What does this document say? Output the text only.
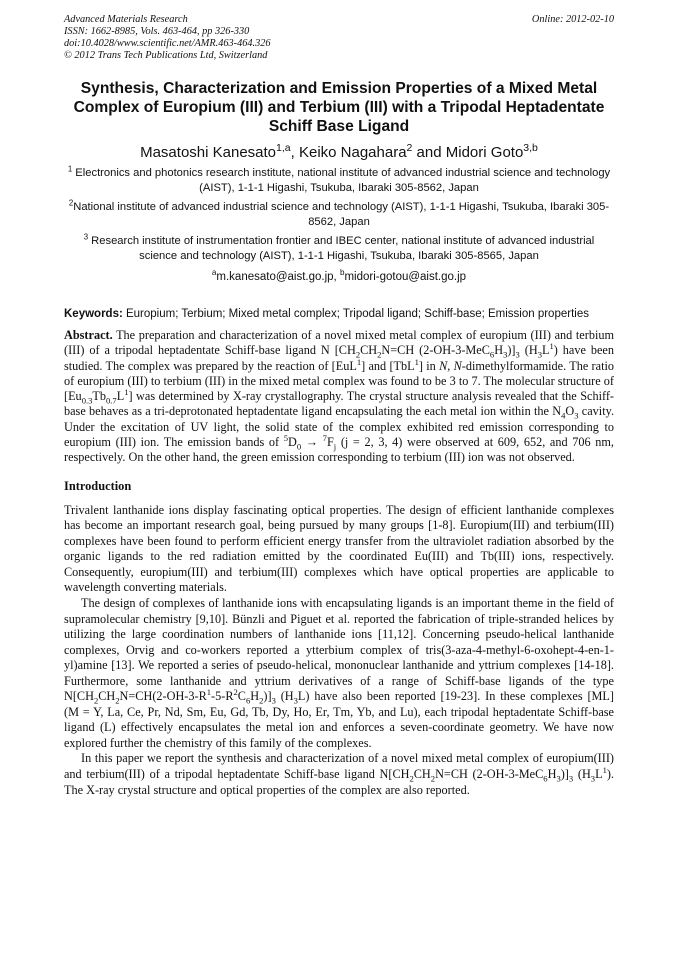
Advanced Materials Research
ISSN: 1662-8985, Vols. 463-464, pp 326-330
doi:10.4028/www.scientific.net/AMR.463-464.326
© 2012 Trans Tech Publications Ltd, Switzerland
Online: 2012-02-10
Synthesis, Characterization and Emission Properties of a Mixed Metal
Complex of Europium (III) and Terbium (III) with a Tripodal Heptadentate
Schiff Base Ligand
Masatoshi Kanesato$^{1,a}$, Keiko Nagahara$^2$ and Midori Goto$^{3,b}$
$^1$ Electronics and photonics research institute, national institute of advanced industrial science and technology (AIST), 1-1-1 Higashi, Tsukuba, Ibaraki 305-8562, Japan
$^2$National institute of advanced industrial science and technology (AIST), 1-1-1 Higashi, Tsukuba, Ibaraki 305-8562, Japan
$^3$ Research institute of instrumentation frontier and IBEC center, national institute of advanced industrial science and technology (AIST), 1-1-1 Higashi, Tsukuba, Ibaraki 305-8565, Japan
$^a$m.kanesato@aist.go.jp, $^b$midori-gotou@aist.go.jp
Keywords: Europium; Terbium; Mixed metal complex; Tripodal ligand; Schiff-base; Emission properties
Abstract. The preparation and characterization of a novel mixed metal complex of europium (III) and terbium (III) of a tripodal heptadentate Schiff-base ligand N [$CH_2CH_2N=CH$ $(2-OH-3-MeC_6H_3)]_3$ $(H_3L^1)$ have been studied. The complex was prepared by the reaction of [EuL$^1$] and [TbL$^1$] in N, N-dimethylformamide. The ratio of europium (III) to terbium (III) in the mixed metal complex was found to be 3 to 7. The molecular structure of $[Eu_{0.3}Tb_{0.7}L^1]$ was determined by X-ray crystallography. The crystal structure analysis revealed that the Schiff-base behaves as a tri-deprotonated heptadentate ligand encapsulating the each metal ion within the $N_4O_3$ cavity. Under the excitation of UV light, the solid state of the complex exhibited red emission corresponding to europium (III) ion. The emission bands of $^5D_0 \to ^7F_j$ (j = 2, 3, 4) were observed at 609, 652, and 706 nm, respectively. On the other hand, the green emission corresponding to terbium (III) ion was not observed.
Introduction

Trivalent lanthanide ions display fascinating optical properties. The design of efficient lanthanide complexes has become an important research goal, being pursued by many groups [1-8]. Europium(III) and terbium(III) complexes have been found to perform efficient energy transfer from the ultraviolet radiation absorbed by the organic ligands to the red radiation emitted by the coordinated Eu(III) and Tb(III) ions, respectively. Consequently, europium(III) and terbium(III) complexes which have optical properties are applicable to wavelength converting materials.

The design of complexes of lanthanide ions with encapsulating ligands is an important theme in the field of supramolecular chemistry [9,10]. Bünzli and Piguet et al. reported the fabrication of triple-stranded helices by utilizing the large coordination numbers of lanthanide ions [11,12]. Concerning pseudo-helical lanthanide complexes, Orvig and co-workers reported a ytterbium complex of tris(3-aza-4-methyl-6-oxohept-4-en-1-yl)amine [13]. We reported a series of pseudo-helical, mononuclear lanthanide and yttrium complexes [14-18]. Furthermore, some lanthanide and yttrium derivatives of a range of Schiff-base ligands of the type $N[CH_2CH_2N=CH(2-OH-3-R^1-5-R^2C_6H_2)]_3$ $(H_3L)$ have also been reported [19-23]. In these complexes [ML] (M = Y, La, Ce, Pr, Nd, Sm, Eu, Gd, Tb, Dy, Ho, Er, Tm, Yb, and Lu), each tripodal heptadentate Schiff-base ligand (L) effectively encapsulates the metal ion and enforces a seven-coordinate geometry. We have now explored further the chemistry of this family of the complexes.

In this paper we report the synthesis and characterization of a novel mixed metal complex of europium(III) and terbium(III) of a tripodal heptadentate Schiff-base ligand $N[CH_2CH_2N=CH$ $(2-OH-3-MeC_6H_3)]_3$ $(H_3L^1)$. The X-ray crystal structure and optical properties of the complex are also reported.
